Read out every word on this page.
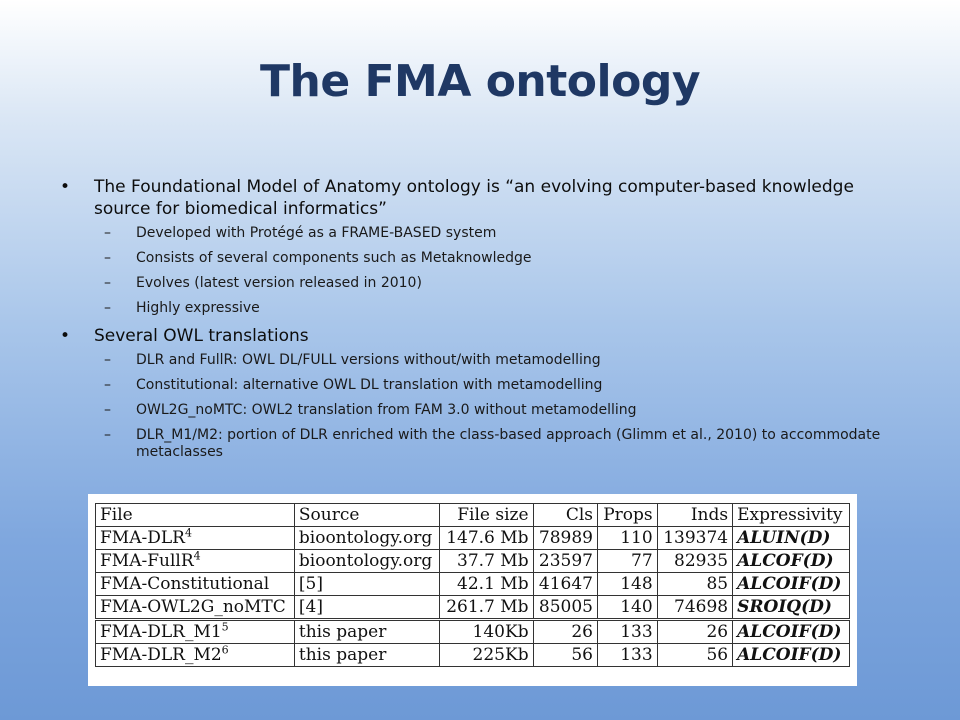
The FMA ontology
• The Foundational Model of Anatomy ontology is “an evolving computer-based knowledge source for biomedical informatics”
– Developed with Protégé as a FRAME-BASED system
– Consists of several components such as Metaknowledge
– Evolves (latest version released in 2010)
– Highly expressive
• Several OWL translations
– DLR and FullR: OWL DL/FULL versions without/with metamodelling
– Constitutional: alternative OWL DL translation with metamodelling
– OWL2G_noMTC: OWL2 translation from FAM 3.0 without metamodelling
– DLR_M1/M2: portion of DLR enriched with the class-based approach (Glimm et al., 2010) to accommodate metaclasses
File	Source	File size	Cls	Props	Inds	Expressivity
FMA-DLR$^4$	bioontology.org	147.6 Mb	78989	110	139374	ALUIN(D)
FMA-FullR$^4$	bioontology.org	37.7 Mb	23597	77	82935	ALCOF(D)
FMA-Constitutional	[5]	42.1 Mb	41647	148	85	ALCOIF(D)
FMA-OWL2G_noMTC	[4]	261.7 Mb	85005	140	74698	SROIQ(D)
FMA-$DLR\_M1^5$	this paper	140Kb	26	133	26	ALCOIF(D)
FMA-$DLR\_M2^6$	this paper	225Kb	56	133	56	ALCOIF(D)
